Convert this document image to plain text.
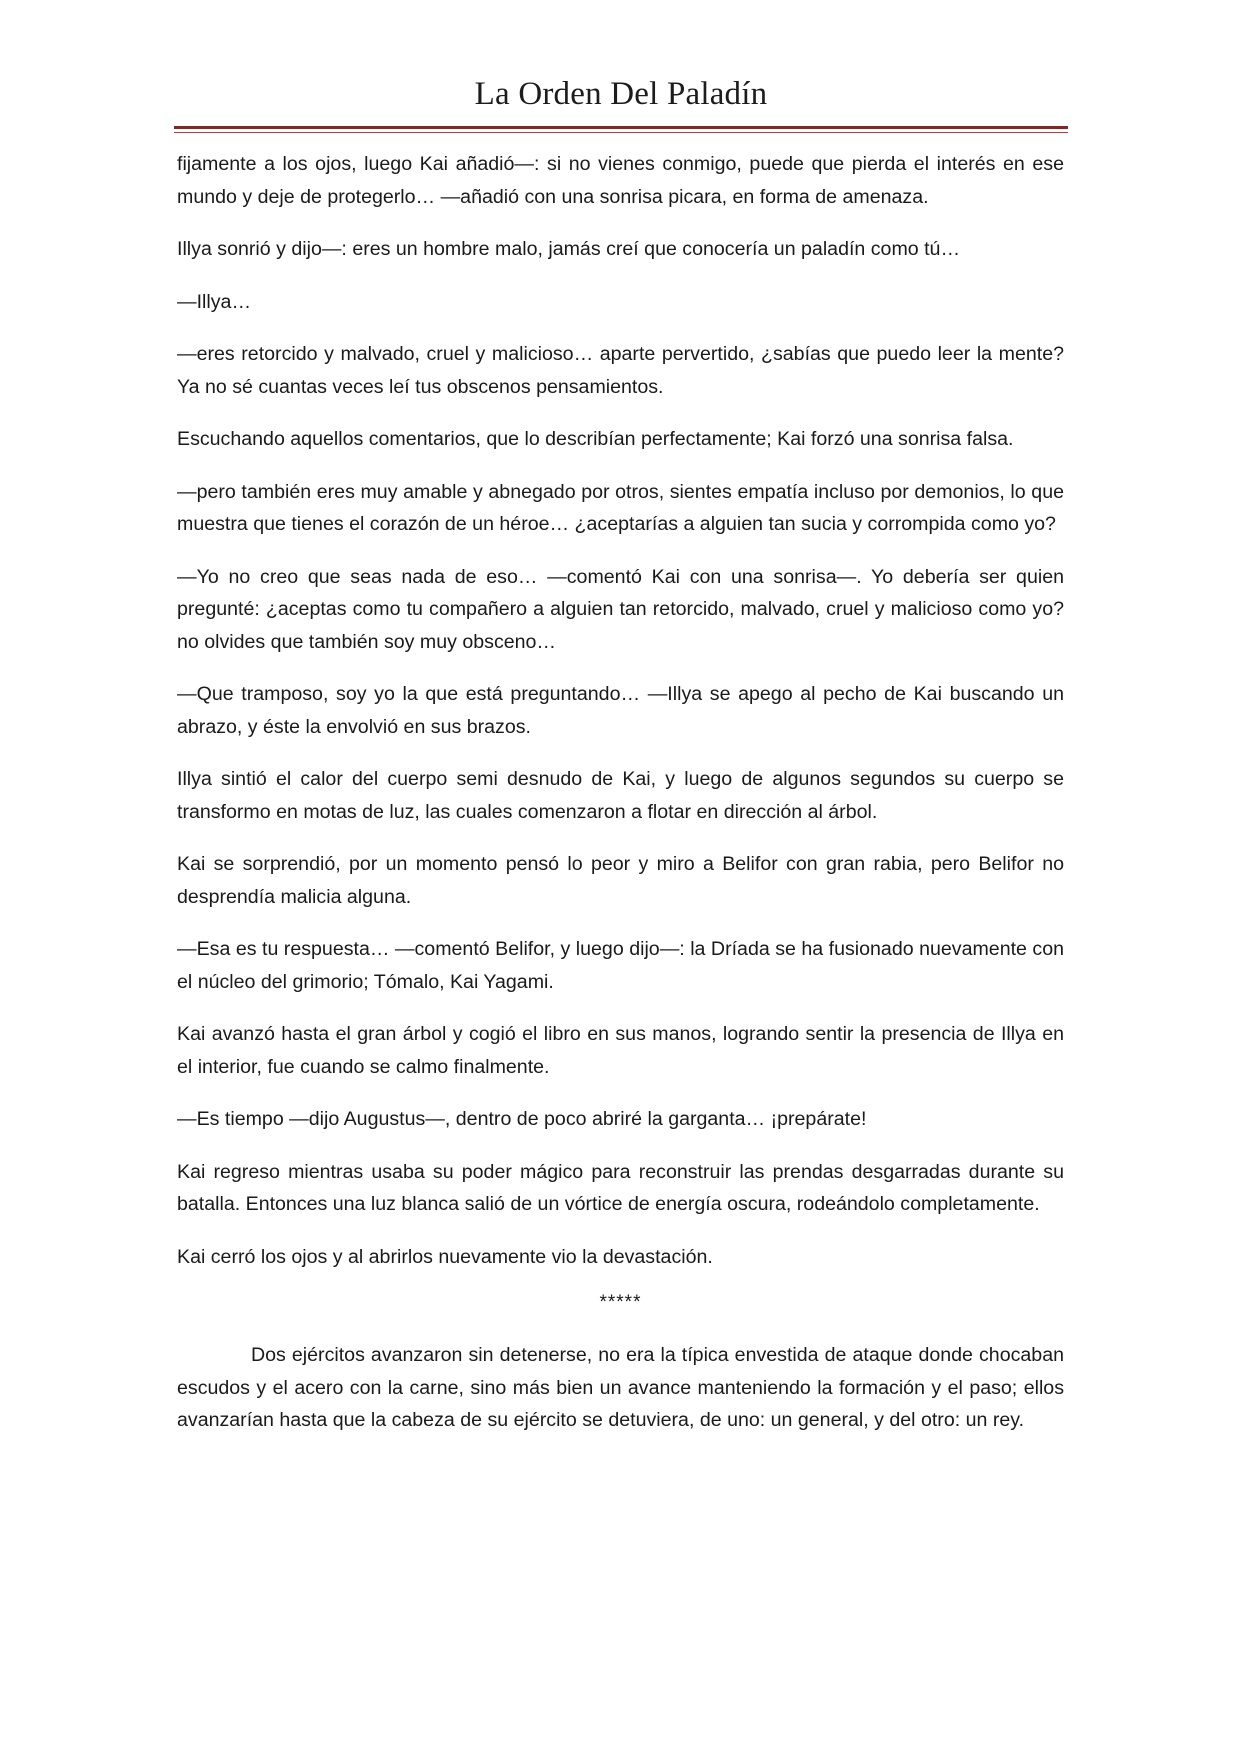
La Orden Del Paladín

fijamente a los ojos, luego Kai añadió—: si no vienes conmigo, puede que pierda el interés en ese mundo y deje de protegerlo… —añadió con una sonrisa picara, en forma de amenaza.

Illya sonrió y dijo—: eres un hombre malo, jamás creí que conocería un paladín como tú…

—Illya…

—eres retorcido y malvado, cruel y malicioso… aparte pervertido, ¿sabías que puedo leer la mente? Ya no sé cuantas veces leí tus obscenos pensamientos.

Escuchando aquellos comentarios, que lo describían perfectamente; Kai forzó una sonrisa falsa.

—pero también eres muy amable y abnegado por otros, sientes empatía incluso por demonios, lo que muestra que tienes el corazón de un héroe… ¿aceptarías a alguien tan sucia y corrompida como yo?

—Yo no creo que seas nada de eso… —comentó Kai con una sonrisa—. Yo debería ser quien pregunté: ¿aceptas como tu compañero a alguien tan retorcido, malvado, cruel y malicioso como yo? no olvides que también soy muy obsceno…

—Que tramposo, soy yo la que está preguntando… —Illya se apego al pecho de Kai buscando un abrazo, y éste la envolvió en sus brazos.

Illya sintió el calor del cuerpo semi desnudo de Kai, y luego de algunos segundos su cuerpo se transformo en motas de luz, las cuales comenzaron a flotar en dirección al árbol.

Kai se sorprendió, por un momento pensó lo peor y miro a Belifor con gran rabia, pero Belifor no desprendía malicia alguna.

—Esa es tu respuesta… —comentó Belifor, y luego dijo—: la Dríada se ha fusionado nuevamente con el núcleo del grimorio; Tómalo, Kai Yagami.

Kai avanzó hasta el gran árbol y cogió el libro en sus manos, logrando sentir la presencia de Illya en el interior, fue cuando se calmo finalmente.

—Es tiempo —dijo Augustus—, dentro de poco abriré la garganta… ¡prepárate!

Kai regreso mientras usaba su poder mágico para reconstruir las prendas desgarradas durante su batalla. Entonces una luz blanca salió de un vórtice de energía oscura, rodeándolo completamente.

Kai cerró los ojos y al abrirlos nuevamente vio la devastación.

*****

Dos ejércitos avanzaron sin detenerse, no era la típica envestida de ataque donde chocaban escudos y el acero con la carne, sino más bien un avance manteniendo la formación y el paso; ellos avanzarían hasta que la cabeza de su ejército se detuviera, de uno: un general, y del otro: un rey.
